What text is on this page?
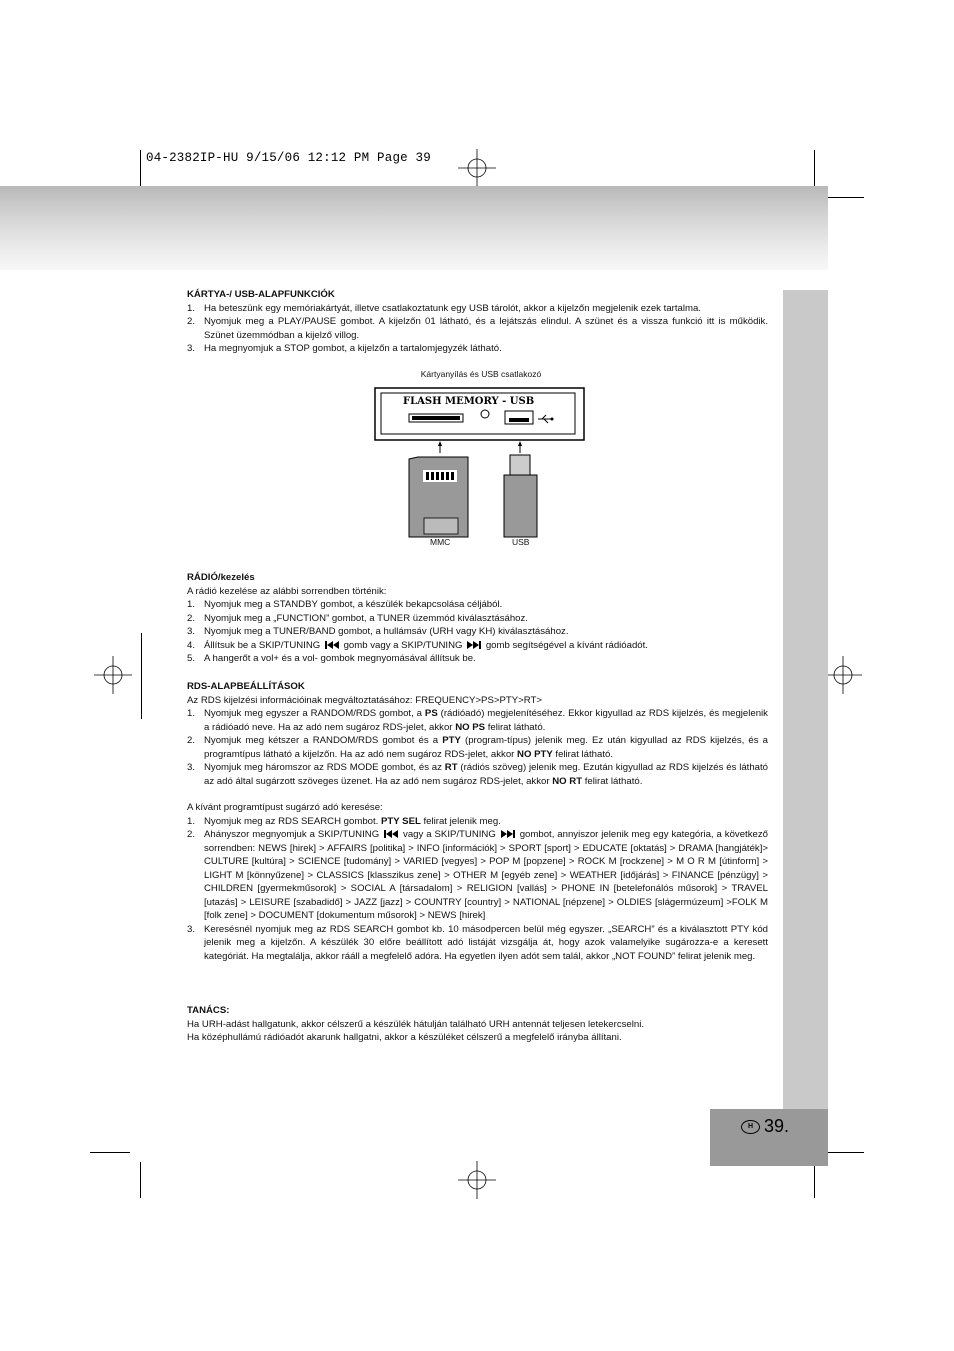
04-2382IP-HU 9/15/06 12:12 PM Page 39
H 39.

KÁRTYA-/ USB-ALAPFUNKCIÓK

1. Ha beteszünk egy memóriakártyát, illetve csatlakoztatunk egy USB tárolót, akkor a kijelzőn megjelenik ezek tartalma.
2. Nyomjuk meg a PLAY/PAUSE gombot. A kijelzőn 01 látható, és a lejátszás elindul. A szünet és a vissza funkció itt is működik. Szünet üzemmódban a kijelző villog.
3. Ha megnyomjuk a STOP gombot, a kijelzőn a tartalomjegyzék látható.
Kártyanyílás és USB csatlakozó
FLASH MEMORY - USB
MMC	USB

RÁDIÓ/kezelés

A rádió kezelése az alábbi sorrendben történik:

1. Nyomjuk meg a STANDBY gombot, a készülék bekapcsolása céljából.
2. Nyomjuk meg a „FUNCTION” gombot, a TUNER üzemmód kiválasztásához.
3. Nyomjuk meg a TUNER/BAND gombot, a hullámsáv (URH vagy KH) kiválasztásához.
4. Állítsuk be a SKIP/TUNING gomb vagy a SKIP/TUNING gomb segítségével a kívánt rádióadót.
5. A hangerőt a vol+ és a vol- gombok megnyomásával állítsuk be.

RDS-ALAPBEÁLLÍTÁSOK

Az RDS kijelzési információinak megváltoztatásához: FREQUENCY>PS>PTY>RT>

1. Nyomjuk meg egyszer a RANDOM/RDS gombot, a PS (rádióadó) megjelenítéséhez. Ekkor kigyullad az RDS kijelzés, és megjelenik a rádióadó neve. Ha az adó nem sugároz RDS-jelet, akkor NO PS felirat látható.
2. Nyomjuk meg kétszer a RANDOM/RDS gombot és a PTY (program-típus) jelenik meg. Ez után kigyullad az RDS kijelzés, és a programtípus látható a kijelzőn. Ha az adó nem sugároz RDS-jelet, akkor NO PTY felirat látható.
3. Nyomjuk meg háromszor az RDS MODE gombot, és az RT (rádiós szöveg) jelenik meg. Ezután kigyullad az RDS kijelzés és látható az adó által sugárzott szöveges üzenet. Ha az adó nem sugároz RDS-jelet, akkor NO RT felirat látható.

A kívánt programtípust sugárzó adó keresése:

1. Nyomjuk meg az RDS SEARCH gombot. PTY SEL felirat jelenik meg.
2. Ahányszor megnyomjuk a SKIP/TUNING vagy a SKIP/TUNING gombot, annyiszor jelenik meg egy kategória, a következő sorrendben: NEWS [hirek] > AFFAIRS [politika] > INFO [információk] > SPORT [sport] > EDUCATE [oktatás] > DRAMA [hangjáték]> CULTURE [kultúra] > SCIENCE [tudomány] > VARIED [vegyes] > POP M [popzene] > ROCK M [rockzene] > M O R M [útinform] > LIGHT M [könnyűzene] > CLASSICS [klasszikus zene] > OTHER M [egyéb zene] > WEATHER [időjárás] > FINANCE [pénzügy] > CHILDREN [gyermekműsorok] > SOCIAL A [társadalom] > RELIGION [vallás] > PHONE IN [betelefonálós műsorok] > TRAVEL [utazás] > LEISURE [szabadidő] > JAZZ [jazz] > COUNTRY [country] > NATIONAL [népzene] > OLDIES [slágermúzeum] >FOLK M [folk zene] > DOCUMENT [dokumentum műsorok] > NEWS [hirek]
3. Keresésnél nyomjuk meg az RDS SEARCH gombot kb. 10 másodpercen belül még egyszer. „SEARCH” és a kiválasztott PTY kód jelenik meg a kijelzőn. A készülék 30 előre beállított adó listáját vizsgálja át, hogy azok valamelyike sugározza-e a keresett kategóriát. Ha megtalálja, akkor rááll a megfelelő adóra. Ha egyetlen ilyen adót sem talál, akkor „NOT FOUND” felirat jelenik meg.

TANÁCS:

Ha URH-adást hallgatunk, akkor célszerű a készülék hátulján található URH antennát teljesen letekercselni.

Ha középhullámú rádióadót akarunk hallgatni, akkor a készüléket célszerű a megfelelő irányba állítani.
